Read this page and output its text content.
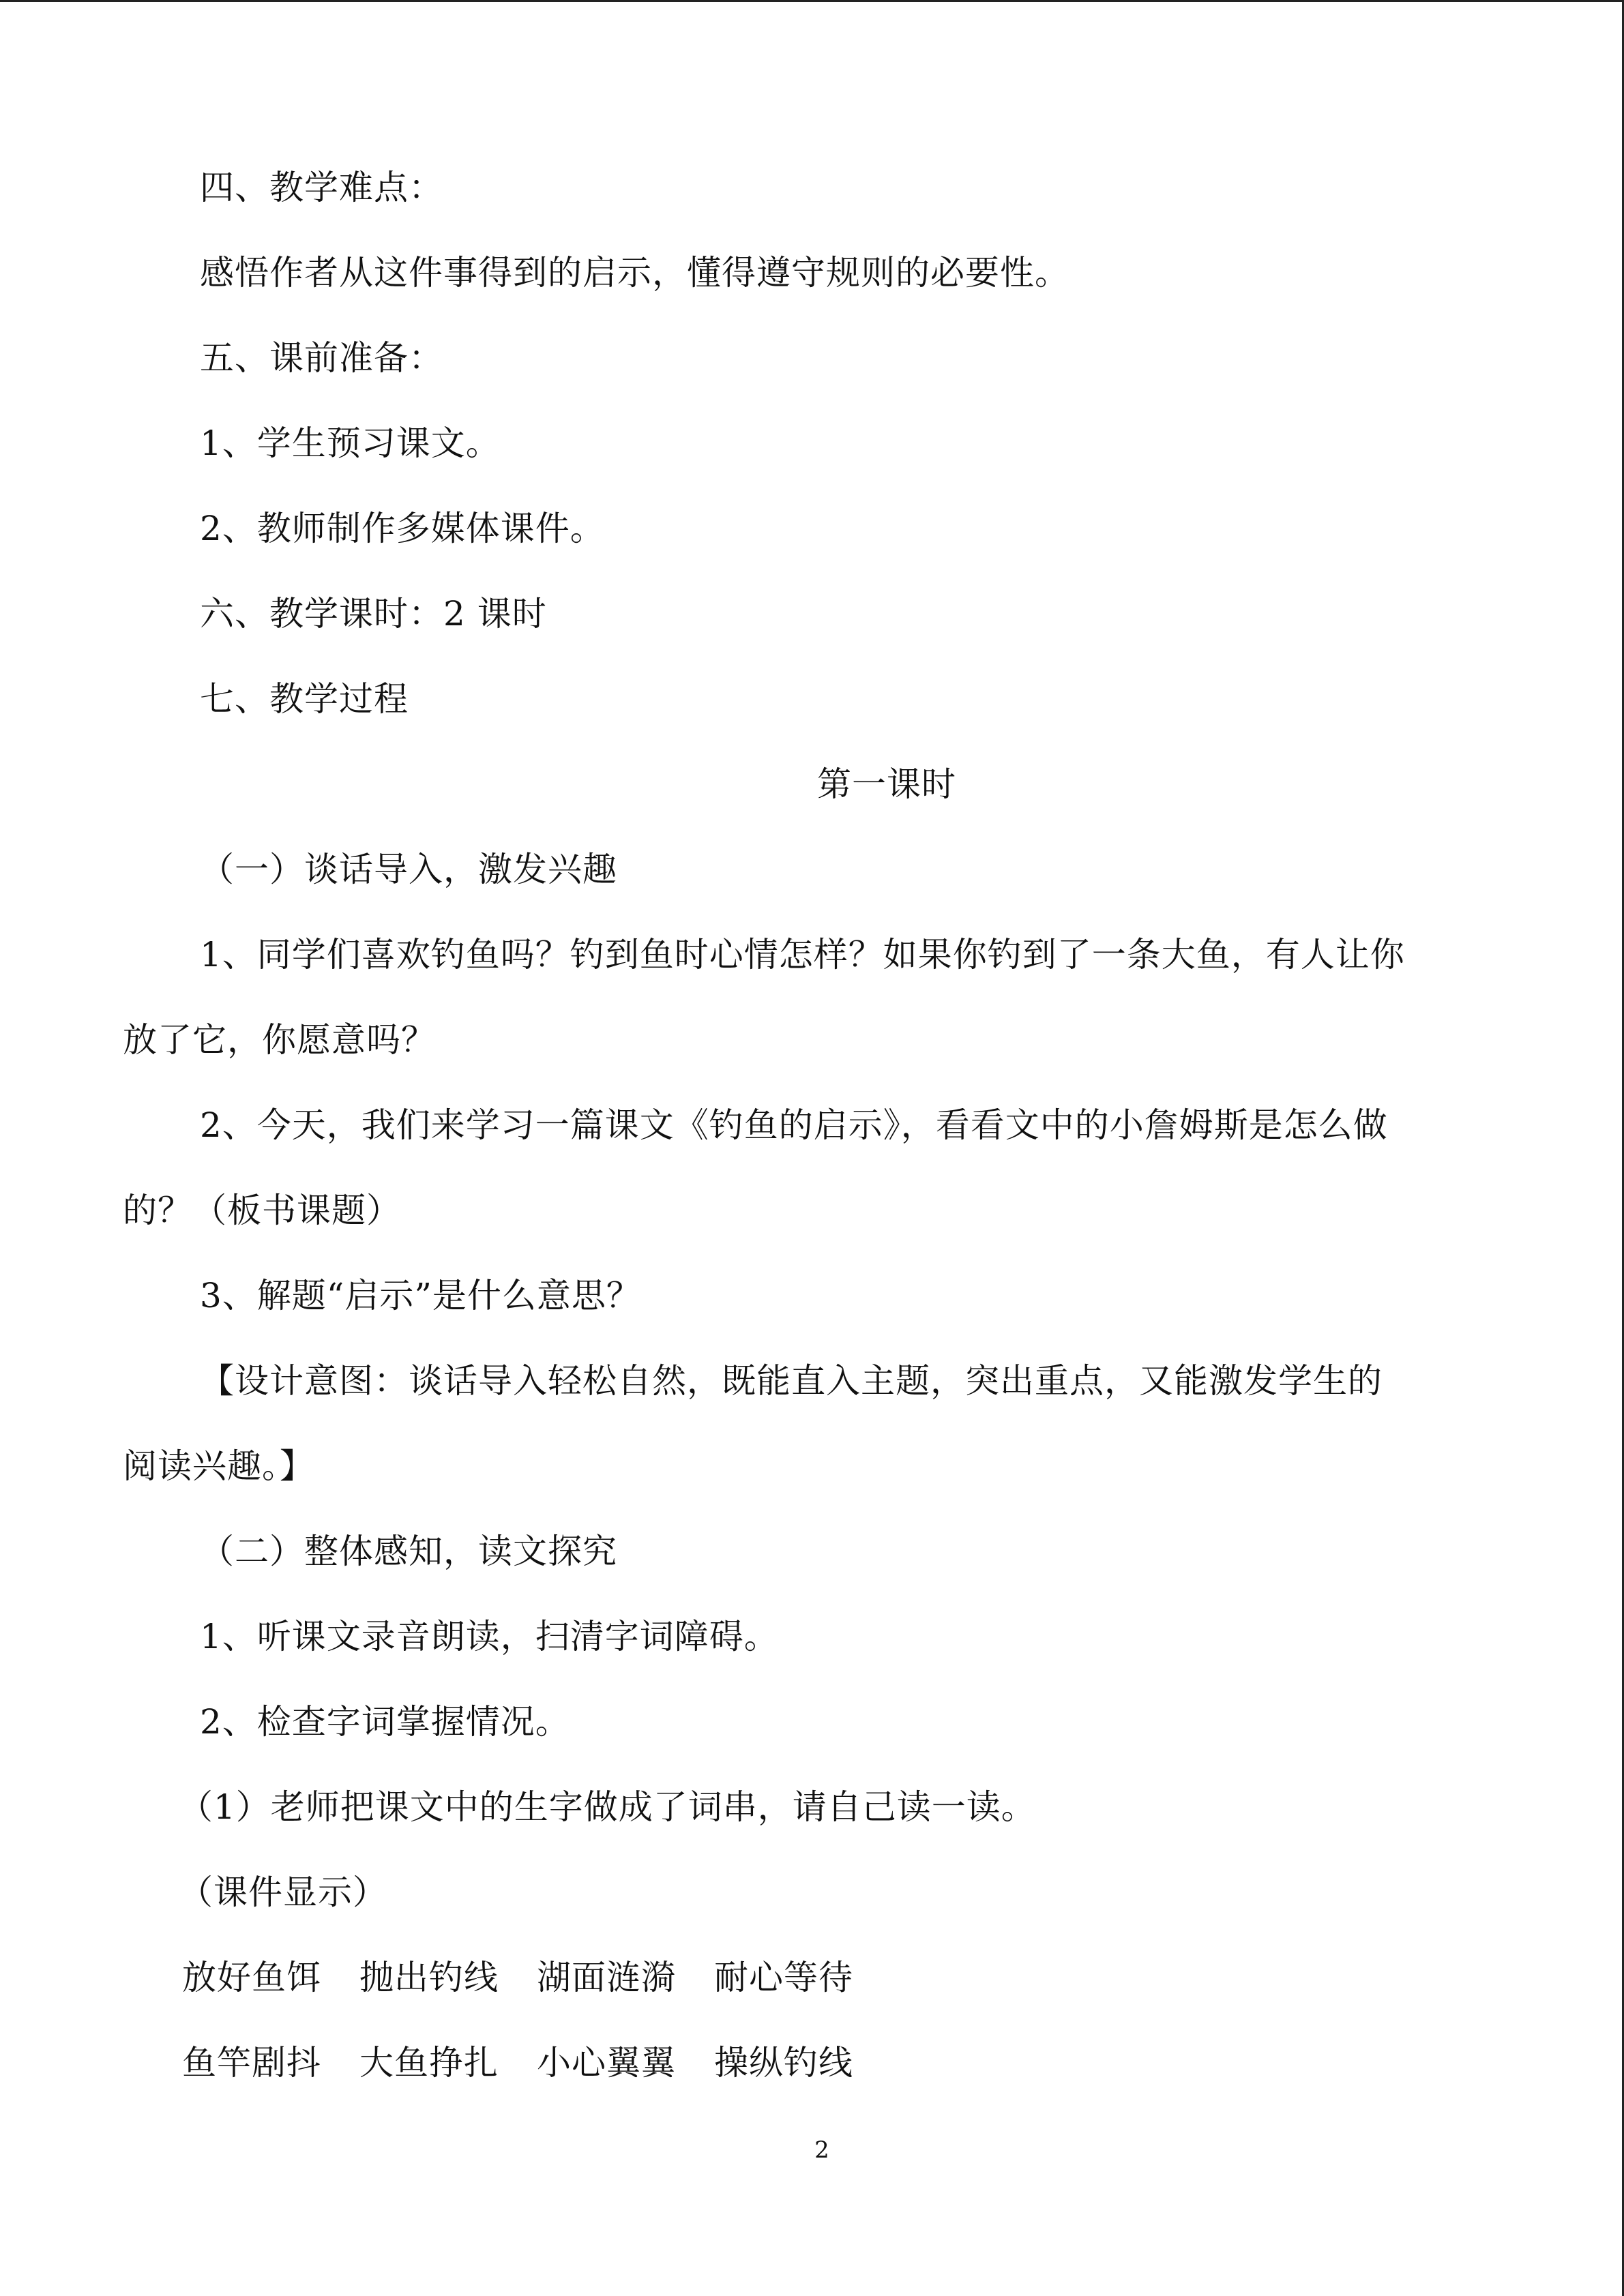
四、教学难点：
感悟作者从这件事得到的启示，懂得遵守规则的必要性。
五、课前准备：
1、学生预习课文。
2、教师制作多媒体课件。
六、教学课时：2 课时
七、教学过程
第一课时
（一）谈话导入，激发兴趣
1、同学们喜欢钓鱼吗？钓到鱼时心情怎样？如果你钓到了一条大鱼，有人让你
放了它，你愿意吗？
2、今天，我们来学习一篇课文《钓鱼的启示》，看看文中的小詹姆斯是怎么做
的？（板书课题）
3、解题“启示”是什么意思？
【设计意图：谈话导入轻松自然，既能直入主题，突出重点，又能激发学生的
阅读兴趣。】
（二）整体感知，读文探究
1、听课文录音朗读，扫清字词障碍。
2、检查字词掌握情况。
（1）老师把课文中的生字做成了词串，请自己读一读。
（课件显示）
放好鱼饵 抛出钓线 湖面涟漪 耐心等待
鱼竿剧抖 大鱼挣扎 小心翼翼 操纵钓线
2
